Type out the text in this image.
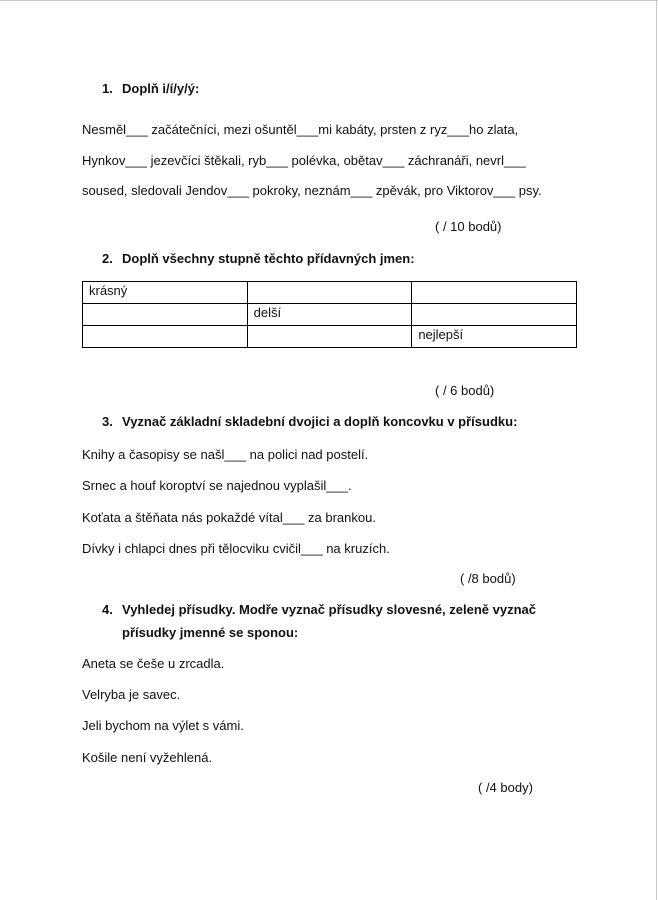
1. Doplň i/í/y/ý:
Nesměl___ začátečníci, mezi ošuntěl___mi kabáty, prsten z ryz___ho zlata,
Hynkov___ jezevčíci štěkali, ryb___ polévka, obětav___ záchranáři, nevrl___
soused, sledovali Jendov___ pokroky, neznám___ zpěvák, pro Viktorov___ psy.
( / 10 bodů)
2. Doplň všechny stupně těchto přídavných jmen:
krásný		
	delší	
		nejlepší
( / 6 bodů)
3. Vyznač základní skladební dvojici a doplň koncovku v přísudku:
Knihy a časopisy se našl___ na polici nad postelí.
Srnec a houf koroptví se najednou vyplašil___.
Koťata a štěňata nás pokaždé vítal___ za brankou.
Dívky i chlapci dnes při tělocviku cvičil___ na kruzích.
( /8 bodů)
4. Vyhledej přísudky. Modře vyznač přísudky slovesné, zeleně vyznač
přísudky jmenné se sponou:
Aneta se češe u zrcadla.
Velryba je savec.
Jeli bychom na výlet s vámi.
Košile není vyžehlená.
( /4 body)
